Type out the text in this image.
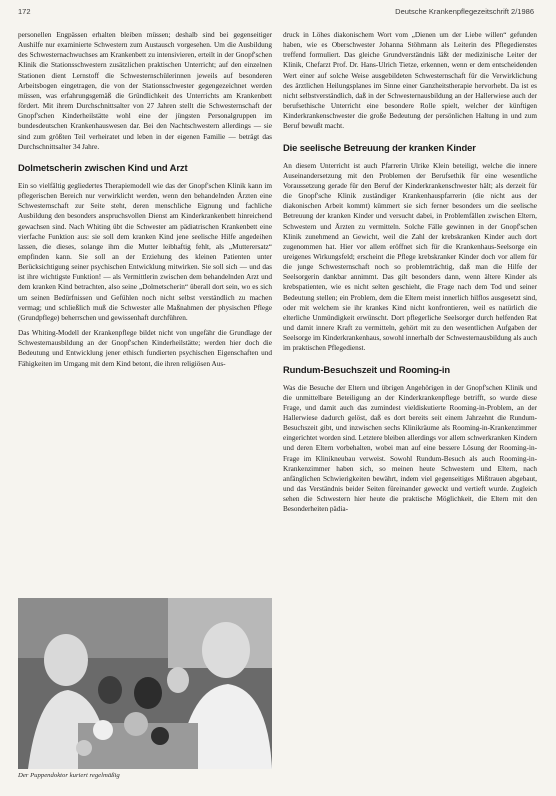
172	Deutsche Krankenpflegezeitschrift 2/1986

personellen Engpässen erhalten bleiben müssen; deshalb sind bei gegenseitiger Aushilfe nur examinierte Schwestern zum Austausch vorgesehen. Um die Ausbildung des Schwesternachwuchses am Krankenbett zu intensivieren, erteilt in der Gnopf'schen Klinik die Stationsschwestern zusätzlichen praktischen Unterricht; auf den einzelnen Stationen dient Lernstoff die Schwesternschülerinnen jeweils auf besonderen Arbeitsbogen eingetragen, die von der Stationsschwester gegengezeichnet werden müssen, was erfahrungsgemäß die Gründlichkeit des Unterrichts am Krankenbett fördert. Mit ihrem Durchschnittsalter von 27 Jahren stellt die Schwesternschaft der Gnopf'schen Kinderheilstätte wohl eine der jüngsten Personalgruppen im bundesdeutschen Krankenhauswesen dar. Bei den Nachtschwestern allerdings — sie sind zum größten Teil verheiratet und leben in der eigenen Familie — beträgt das Durchschnittsalter 34 Jahre.

Dolmetscherin zwischen Kind und Arzt

Ein so vielfältig gegliedertes Therapiemodell wie das der Gnopf'schen Klinik kann im pflegerischen Bereich nur verwirklicht werden, wenn den behandelnden Ärzten eine Schwesternschaft zur Seite steht, deren menschliche Eignung und fachliche Ausbildung den besonders anspruchsvollen Dienst am Kinderkrankenbett hinreichend gewachsen sind. Nach Whiting übt die Schwester am pädiatrischen Krankenbett eine vierfache Funktion aus: sie soll dem kranken Kind jene seelische Hilfe angedeihen lassen, die dieses, solange ihm die Mutter leibhaftig fehlt, als „Mutterersatz“ empfinden kann. Sie soll an der Erziehung des kleinen Patienten unter Berücksichtigung seiner psychischen Entwicklung mitwirken. Sie soll sich — und das ist ihre wichtigste Funktion! — als Vermittlerin zwischen dem behandelnden Arzt und dem kranken Kind betrachten, also seine „Dolmetscherin“ überall dort sein, wo es sich um seinen Bedürfnissen und Gefühlen noch nicht selbst verständlich zu machen vermag; und schließlich muß die Schwester alle Maßnahmen der physischen Pflege (Grundpflege) beherrschen und gewissenhaft durchführen.

Das Whiting-Modell der Krankenpflege bildet nicht von ungefähr die Grundlage der Schwesternausbildung an der Gnopf'schen Kinderheilstätte; werden hier doch die Bedeutung und Entwicklung jener ethisch fundierten psychischen Eigenschaften und Fähigkeiten im Umgang mit dem Kind betont, die ihren religiösen Aus-

Der Puppendoktor kuriert regelmäßig

druck in Löhes diakonischem Wort vom „Dienen um der Liebe willen“ gefunden haben, wie es Oberschwester Johanna Stöhmann als Leiterin des Pflegedienstes treffend formuliert. Das gleiche Grundverständnis läßt der medizinische Leiter der Klinik, Chefarzt Prof. Dr. Hans-Ulrich Tietze, erkennen, wenn er dem entscheidenden Wert einer auf solche Weise ausgebildeten Schwesternschaft für die Verwirklichung des ärztlichen Heilungsplanes im Sinne einer Ganzheitstherapie hervorhebt. Da ist es nicht selbstverständlich, daß in der Schwesternausbildung an der Hallerwiese auch der berufsethische Unterricht eine besondere Rolle spielt, welcher der künftigen Kinderkrankenschwester die große Bedeutung der persönlichen Haltung in und zum Beruf bewußt macht.

Die seelische Betreuung der kranken Kinder

An diesem Unterricht ist auch Pfarrerin Ulrike Klein beteiligt, welche die innere Auseinandersetzung mit den Problemen der Berufsethik für eine wesentliche Voraussetzung gerade für den Beruf der Kinderkrankenschwester hält; als derzeit für die Gnopf'sche Klinik zuständiger Krankenhauspfarrerin (die nicht aus der diakonischen Arbeit kommt) kümmert sie sich ferner besonders um die seelische Betreuung der kranken Kinder und versucht dabei, in Problemfällen zwischen Eltern, Schwestern und Ärzten zu vermitteln. Solche Fälle gewinnen in der Gnopf'schen Klinik zunehmend an Gewicht, weil die Zahl der krebskranken Kinder auch dort zugenommen hat. Hier vor allem eröffnet sich für die Krankenhaus-Seelsorge ein ureigenes Wirkungsfeld; erscheint die Pflege krebskranker Kinder doch vor allem für die junge Schwesternschaft noch so problemträchtig, daß man die Hilfe der Seelsorgerin dankbar annimmt. Das gilt besonders dann, wenn ältere Kinder als krebspatienten, wie es nicht selten geschieht, die Frage nach dem Tod und seiner Bedeutung stellen; ein Problem, dem die Eltern meist innerlich hilflos ausgesetzt sind, oder mit welchem sie ihr krankes Kind nicht konfrontieren, weil es natürlich die elterliche Unmündigkeit erwünscht. Dort pflegerliche Seelsorger durch helfenden Rat und damit innere Kraft zu vermitteln, gehört mit zu den wesentlichen Aufgaben der Seelsorge im Kinderkrankenhaus, sowohl innerhalb der Schwesternausbildung als auch im praktischen Pflegedienst.

Rundum-Besuchszeit und Rooming-in

Was die Besuche der Eltern und übrigen Angehörigen in der Gnopf'schen Klinik und die unmittelbare Beteiligung an der Kinderkrankenpflege betrifft, so wurde diese Frage, und damit auch das zumindest vieldiskutierte Rooming-in-Problem, an der Hallerwiese dadurch gelöst, daß es dort bereits seit einem Jahrzehnt die Rundum-Besuchszeit gibt, und inzwischen sechs Klinikräume als Rooming-in-Krankenzimmer eingerichtet worden sind. Letztere bleiben allerdings vor allem schwerkranken Kindern und deren Eltern vorbehalten, wobei man auf eine bessere Lösung der Rooming-in-Frage im Klinikneubau verweist. Sowohl Rundum-Besuch als auch Rooming-in-Krankenzimmer haben sich, so meinen heute Schwestern und Eltern, nach anfänglichen Schwierigkeiten bewährt, indem viel gegenseitiges Mißtrauen abgebaut, und das Verständnis beider Seiten füreinander geweckt und vertieft wurde. Zugleich sehen die Schwestern hier heute die praktische Möglichkeit, die Eltern mit den Besonderheiten pädia-
